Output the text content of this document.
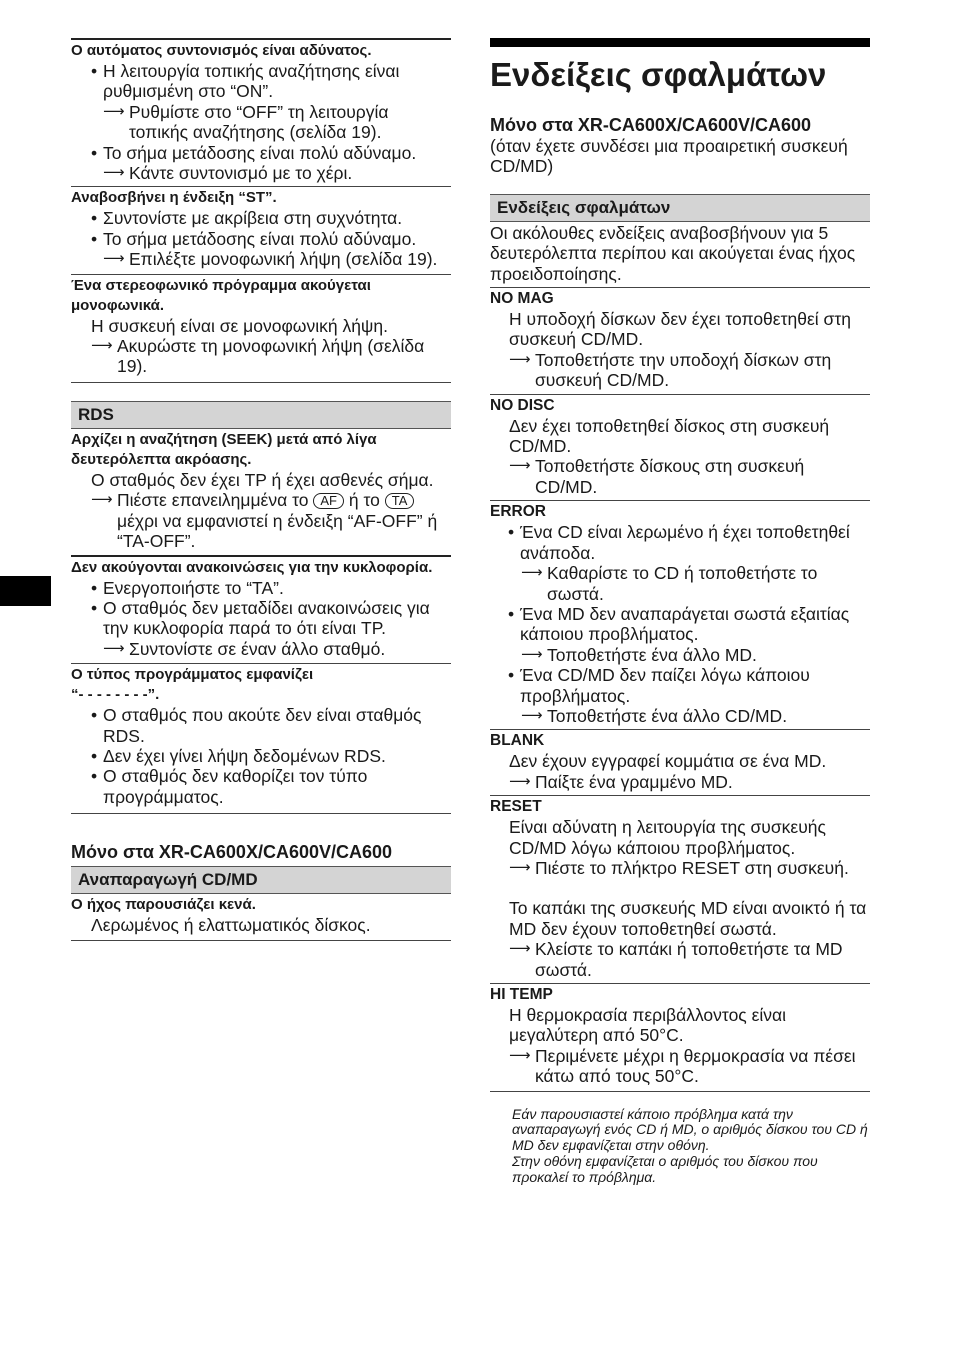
Ο αυτόματος συντονισμός είναι αδύνατος.
• Η λειτουργία τοπικής αναζήτησης είναι ρυθμισμένη στο “ON”.
⟶ Ρυθμίστε στο “OFF” τη λειτουργία τοπικής αναζήτησης (σελίδα 19).
• Το σήμα μετάδοσης είναι πολύ αδύναμο.
⟶ Κάντε συντονισμό με το χέρι.
Αναβοσβήνει η ένδειξη “ST”.
• Συντονίστε με ακρίβεια στη συχνότητα.
• Το σήμα μετάδοσης είναι πολύ αδύναμο.
⟶ Επιλέξτε μονοφωνική λήψη (σελίδα 19).
Ένα στερεοφωνικό πρόγραμμα ακούγεται μονοφωνικά.
Η συσκευή είναι σε μονοφωνική λήψη.
⟶ Ακυρώστε τη μονοφωνική λήψη (σελίδα 19).
RDS
Αρχίζει η αναζήτηση (SEEK) μετά από λίγα δευτερόλεπτα ακρόασης.
Ο σταθμός δεν έχει TP ή έχει ασθενές σήμα.
⟶ Πιέστε επανειλημμένα το AF ή το TA μέχρι να εμφανιστεί η ένδειξη “AF-OFF” ή “TA-OFF”.
Δεν ακούγονται ανακοινώσεις για την κυκλοφορία.
• Ενεργοποιήστε το “TA”.
• Ο σταθμός δεν μεταδίδει ανακοινώσεις για την κυκλοφορία παρά το ότι είναι TP.
⟶ Συντονίστε σε έναν άλλο σταθμό.
Ο τύπος προγράμματος εμφανίζει
“- - - - - - - -”.
• Ο σταθμός που ακούτε δεν είναι σταθμός RDS.
• Δεν έχει γίνει λήψη δεδομένων RDS.
• Ο σταθμός δεν καθορίζει τον τύπο προγράμματος.
Μόνο στα XR-CA600X/CA600V/CA600
Αναπαραγωγή CD/MD
Ο ήχος παρουσιάζει κενά.
Λερωμένος ή ελαττωματικός δίσκος.
Ενδείξεις σφαλμάτων
Μόνο στα XR-CA600X/CA600V/CA600
(όταν έχετε συνδέσει μια προαιρετική συσκευή CD/MD)
Ενδείξεις σφαλμάτων
Οι ακόλουθες ενδείξεις αναβοσβήνουν για 5 δευτερόλεπτα περίπου και ακούγεται ένας ήχος προειδοποίησης.
NO MAG
Η υποδοχή δίσκων δεν έχει τοποθετηθεί στη συσκευή CD/MD.
⟶ Τοποθετήστε την υποδοχή δίσκων στη συσκευή CD/MD.
NO DISC
Δεν έχει τοποθετηθεί δίσκος στη συσκευή CD/MD.
⟶ Τοποθετήστε δίσκους στη συσκευή CD/MD.
ERROR
• Ένα CD είναι λερωμένο ή έχει τοποθετηθεί ανάποδα.
⟶ Καθαρίστε το CD ή τοποθετήστε το σωστά.
• Ένα MD δεν αναπαράγεται σωστά εξαιτίας κάποιου προβλήματος.
⟶ Τοποθετήστε ένα άλλο MD.
• Ένα CD/MD δεν παίζει λόγω κάποιου προβλήματος.
⟶ Τοποθετήστε ένα άλλο CD/MD.
BLANK
Δεν έχουν εγγραφεί κομμάτια σε ένα MD.
⟶ Παίξτε ένα γραμμένο MD.
RESET
Είναι αδύνατη η λειτουργία της συσκευής CD/MD λόγω κάποιου προβλήματος.
⟶ Πιέστε το πλήκτρο RESET στη συσκευή.
Το καπάκι της συσκευής MD είναι ανοικτό ή τα MD δεν έχουν τοποθετηθεί σωστά.
⟶ Κλείστε το καπάκι ή τοποθετήστε τα MD σωστά.
HI TEMP
Η θερμοκρασία περιβάλλοντος είναι μεγαλύτερη από 50°C.
⟶ Περιμένετε μέχρι η θερμοκρασία να πέσει κάτω από τους 50°C.
Εάν παρουσιαστεί κάποιο πρόβλημα κατά την αναπαραγωγή ενός CD ή MD, ο αριθμός δίσκου του CD ή MD δεν εμφανίζεται στην οθόνη.
Στην οθόνη εμφανίζεται ο αριθμός του δίσκου που προκαλεί το πρόβλημα.
